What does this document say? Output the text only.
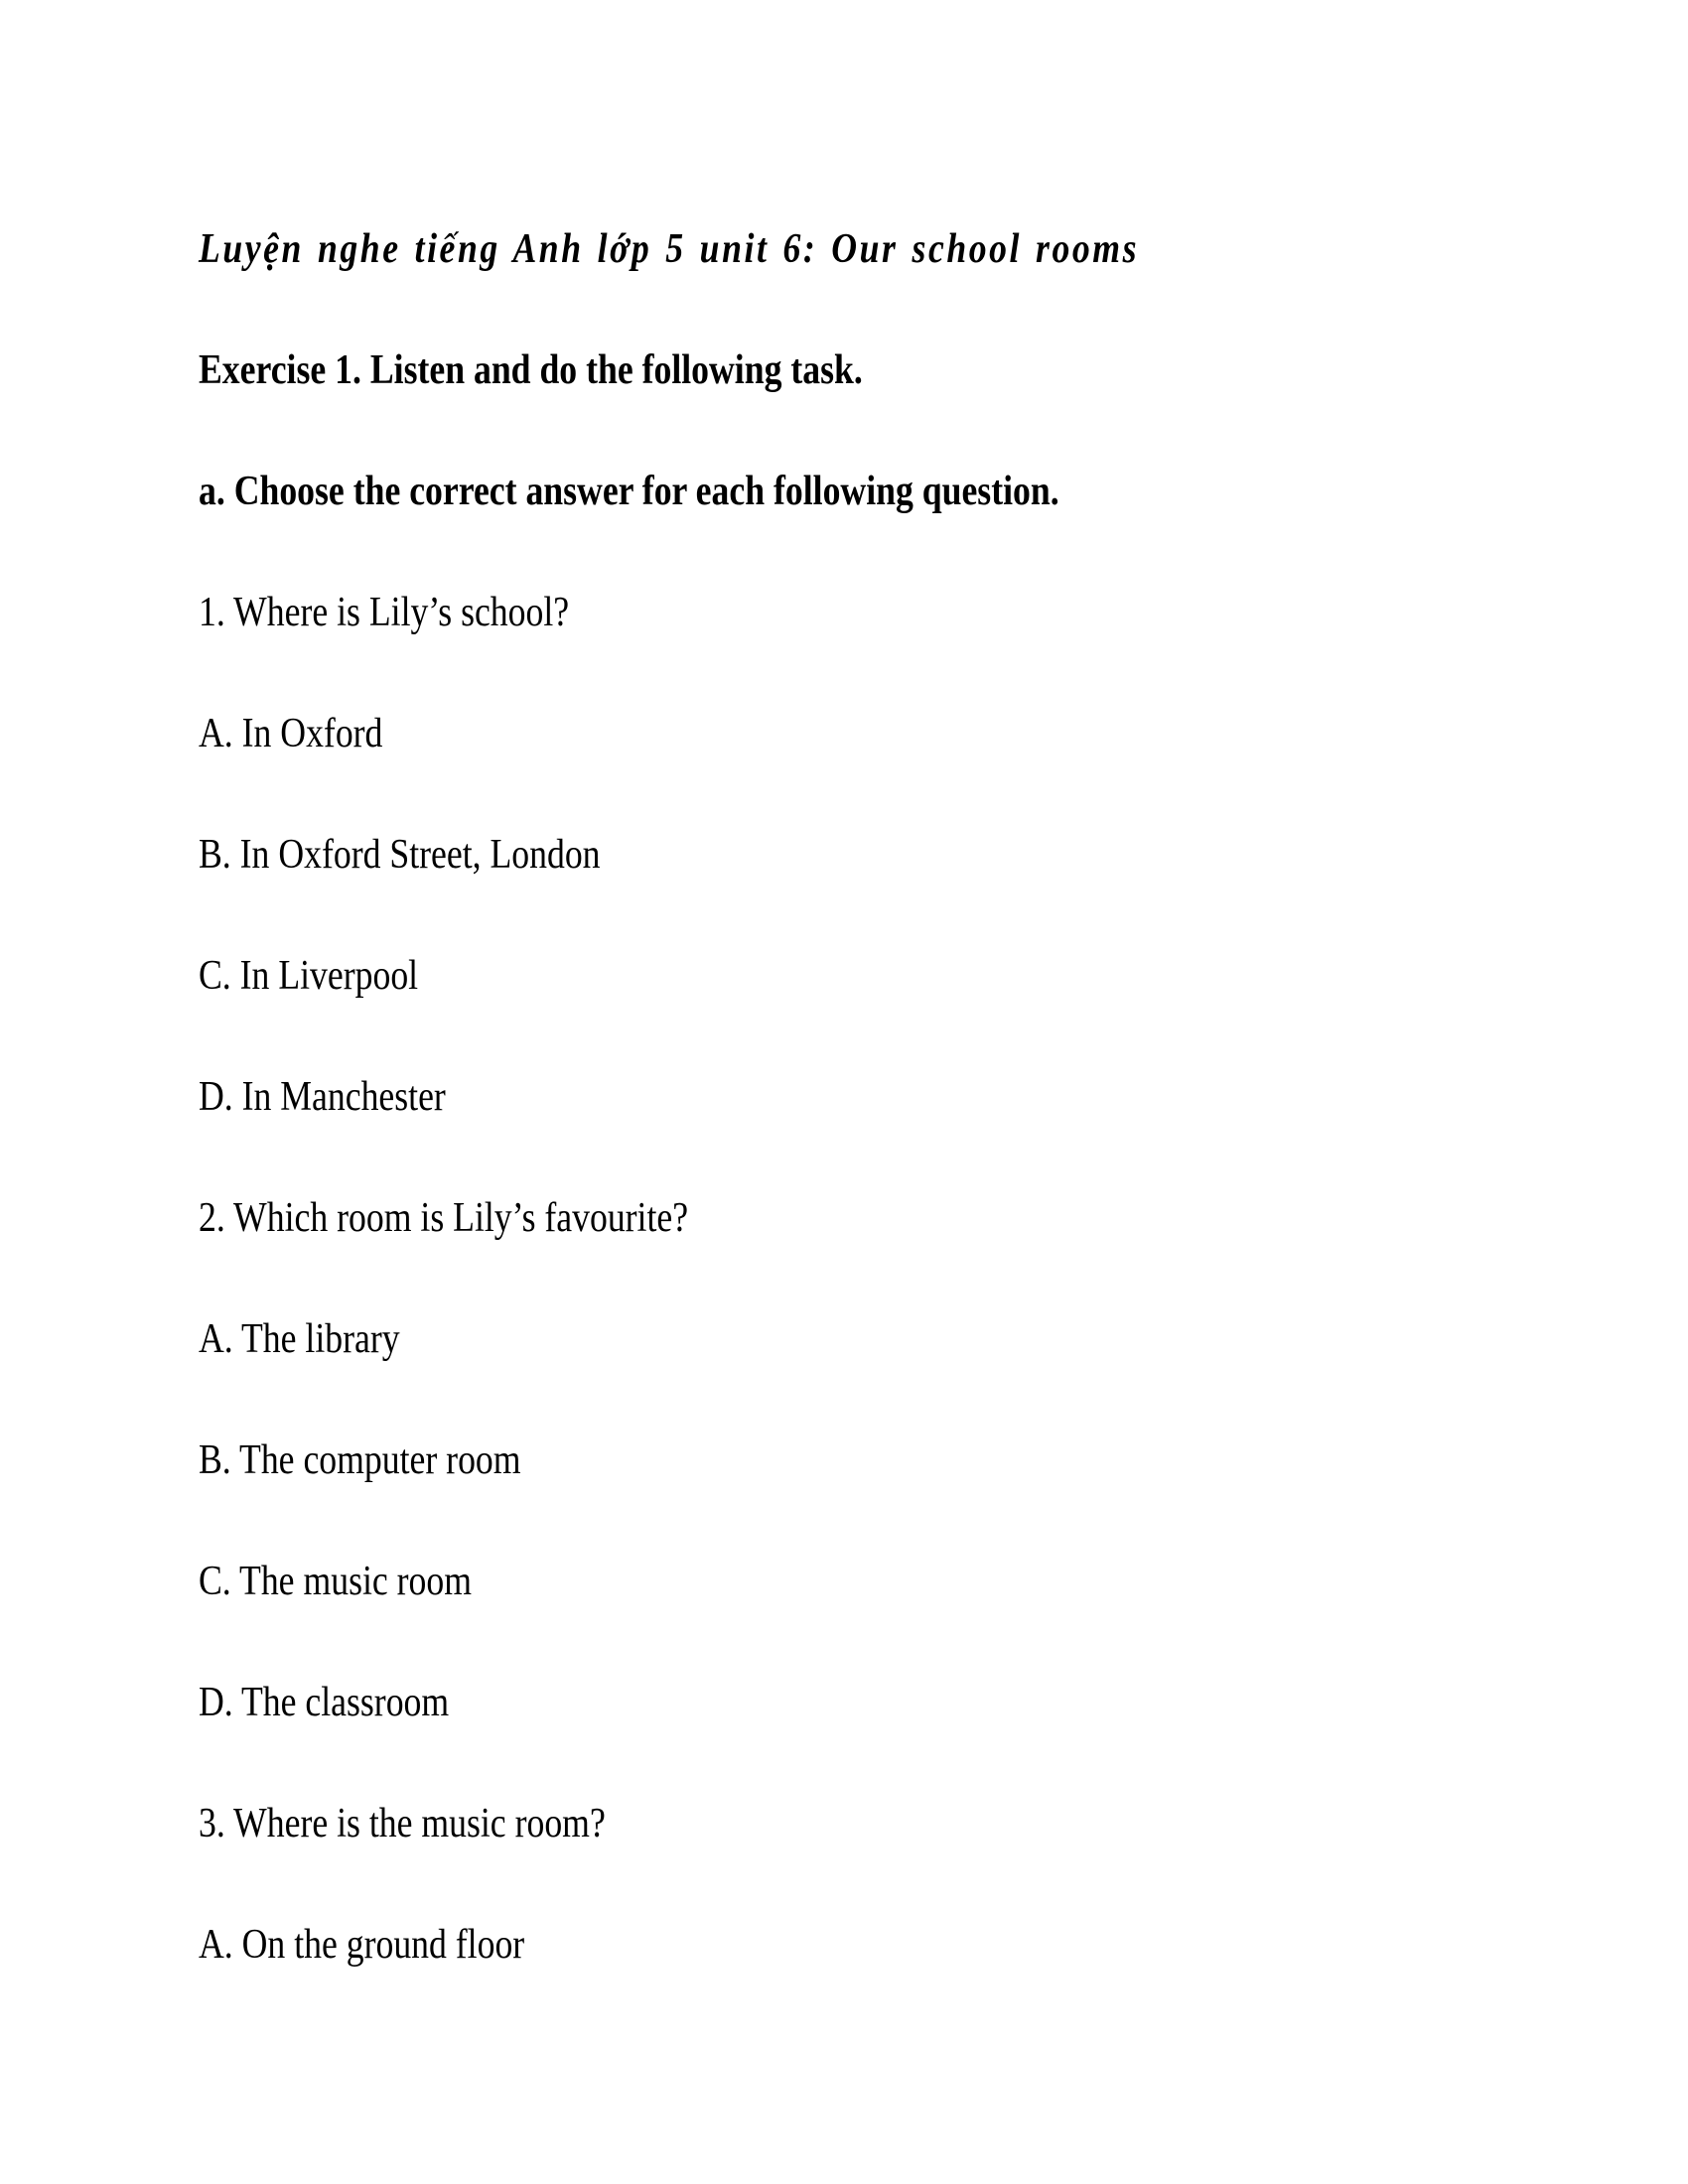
Luyện nghe tiếng Anh lớp 5 unit 6: Our school rooms

Exercise 1. Listen and do the following task.

a. Choose the correct answer for each following question.

1. Where is Lily’s school?

A. In Oxford

B. In Oxford Street, London

C. In Liverpool

D. In Manchester

2. Which room is Lily’s favourite?

A. The library

B. The computer room

C. The music room

D. The classroom

3. Where is the music room?

A. On the ground floor
